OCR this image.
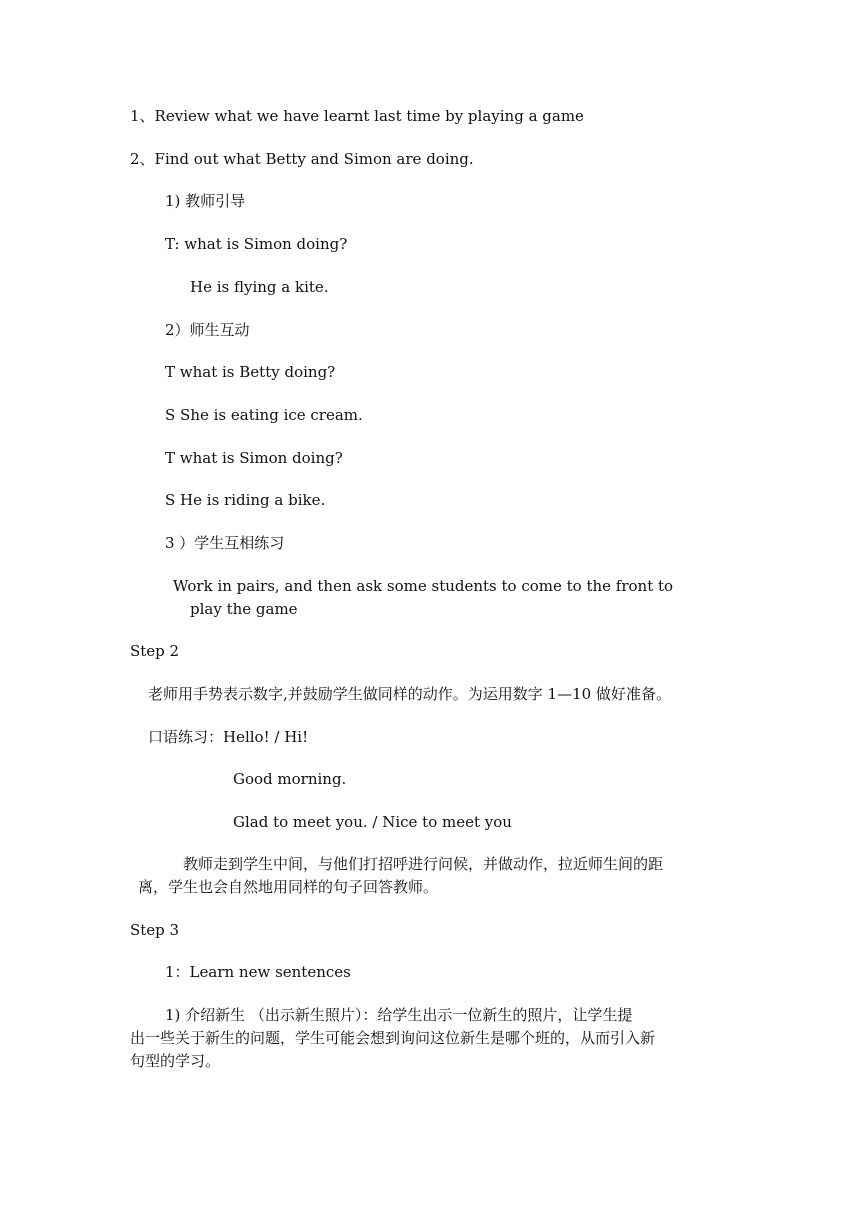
1、Review what we have learnt last time by playing a game
2、Find out what Betty and Simon are doing.
1) 教师引导
T: what is Simon doing?
He is flying a kite.
2）师生互动
T what is Betty doing?
S She is eating ice cream.
T what is Simon doing?
S He is riding a bike.
3 ）学生互相练习
Work in pairs, and then ask some students to come to the front to
play the game
Step 2
老师用手势表示数字,并鼓励学生做同样的动作。为运用数字 1—10 做好准备。
口语练习：Hello! / Hi!
Good morning.
Glad to meet you. / Nice to meet you
教师走到学生中间，与他们打招呼进行问候，并做动作，拉近师生间的距
离，学生也会自然地用同样的句子回答教师。
Step 3
1：Learn new sentences
1) 介绍新生 （出示新生照片）：给学生出示一位新生的照片，让学生提
出一些关于新生的问题，学生可能会想到询问这位新生是哪个班的，从而引入新
句型的学习。
